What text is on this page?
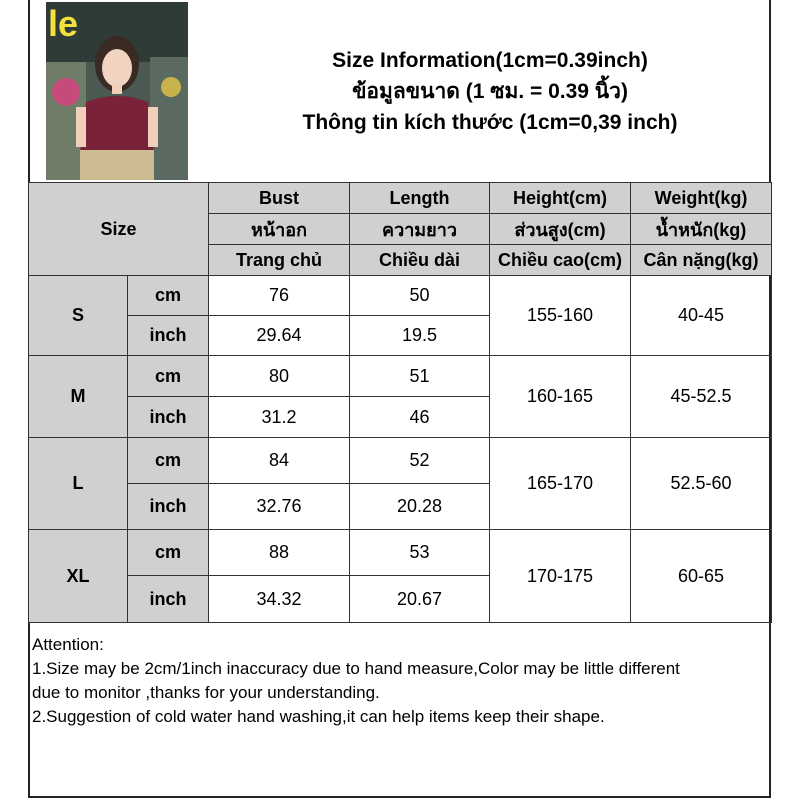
le
Size Information(1cm=0.39inch)
ข้อมูลขนาด (1 ซม. = 0.39 นิ้ว)
Thông tin kích thước (1cm=0,39 inch)
Size		Bust	Length	Height(cm)	Weight(kg)
		หน้าอก	ความยาว	ส่วนสูง(cm)	น้ำหนัก(kg)
		Trang chủ	Chiều dài	Chiều cao(cm)	Cân nặng(kg)
S	cm	76	50	155-160	40-45
	inch	29.64	19.5		
M	cm	80	51	160-165	45-52.5
	inch	31.2	46		
L	cm	84	52	165-170	52.5-60
	inch	32.76	20.28		
XL	cm	88	53	170-175	60-65
	inch	34.32	20.67		
Attention:
1.Size may be 2cm/1inch inaccuracy due to hand measure,Color may be little different
due to monitor ,thanks for your understanding.
2.Suggestion of cold water hand washing,it can help items keep their shape.
